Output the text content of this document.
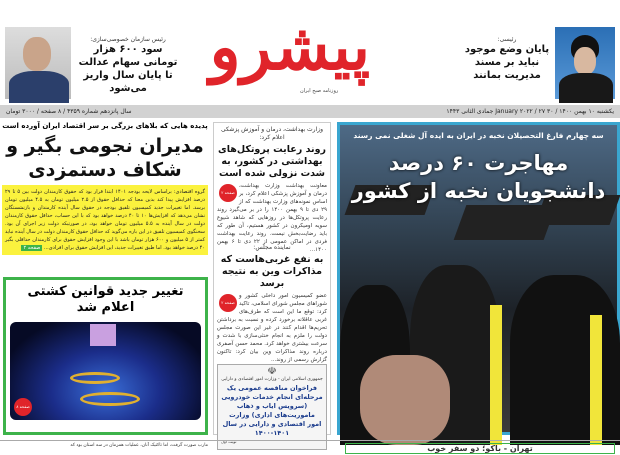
رئیسی:
پایان وضع موجود نباید بر مسند مدیریت بمانند
پیشرو
روزنامه صبح ایران
رئیس سازمان خصوصی‌سازی:
سود ۶۰۰ هزار تومانی سهام عدالت تا پایان سال واریز می‌شود
یکشنبه ۱۰ بهمن ۱۴۰۰ / ۳۰ January ۲۰۲۲ / ۲۷ جمادی الثانی ۱۴۴۳
سال پانزدهم شماره ۴۳۵۹ / ۸ صفحه / ۳۰۰۰ تومان
سه چهارم فارغ التحصیلان نخبه در ایران به ایده آل شغلی نمی رسند
مهاجرت ۶۰ درصد دانشجویان نخبه از کشور
وزارت بهداشت، درمان و آموزش پزشکی اعلام کرد:
روند رعایت پروتکل‌های بهداشتی در کشور، به شدت نزولی شده است
صفحه ۲

معاونت بهداشت وزارت بهداشت، درمان و آموزش پزشکی اعلام کرد، بر اساس نمونه‌های وزارت بهداشت که از ۲۹ دی تا ۹ بهمن ۱۴۰۰ را در بر می‌گیرد روند رعایت پروتکل‌ها در روزهایی که شاهد شیوع سویه اومیکرون در کشور هستیم، آن طور که باید رضایت‌بخش نیست. روند رعایت بهداشت فردی در اماکن عمومی از ۲۲ دی تا ۶ بهمن ۱۴۰۰...

نماینده مجلس:
به نفع غربی‌هاست که مذاکرات وین به نتیجه برسد
صفحه ۲

عضو کمیسیون امور داخلی کشور و شوراهای مجلس شورای اسلامی، تاکید کرد: توقع ما این است که طرف‌های غربی عاقلانه برخورد کرده و نسبت به برداشتن تحریم‌ها اقدام کنند در غیر این صورت مجلس دولت را ملزم به انجام خنثی‌سازی با شدت و سرعت بیشتری خواهد کرد. محمد حسن آصفری درباره روند مذاکرات وین بیان کرد: تاکنون گزارش رسمی از روند...

☫
جمهوری اسلامی ایران - وزارت امور اقتصادی و دارایی
فراخوان مناقصه عمومی یک مرحله‌ای انجام خدمات خودرویی (سرویس ایاب و ذهاب ماموریت‌های اداری) وزارت امور اقتصادی و دارایی در سال ۱۴۰۱-۱۴۰۰
نوبت اول
پدیده هایی که بلاهای بزرگی بر سر اقتصاد ایران آورده است
مدیران نجومی بگیر و شکاف دستمزدی
گروه اقتصادی: براساس لایحه بودجه ۱۴۰۱ ابتدا قرار بود که حقوق کارمندان دولت بین ۵ تا ۲۹ درصد افزایش پیدا کند بدین معنا که حداقل حقوق از ۲.۵ میلیون تومان به ۴.۵ میلیون تومان برسد. اما تغییرات جدید کمیسیون تلفیق بودجه در حقوق سال آینده کارمندان و بازنشستگان نشان می‌دهد که افزایش‌ها ۱۰ تا ۴۰ درصد خواهد بود که با این حساب، حداقل حقوق کارمندان دولت در سال آینده به ۵.۵ میلیون تومان خواهد بود، در صورتیکه دولت زیر اجرای آن بود. سخنگوی کمیسیون تلفیق در این باره می‌گوید که حداقل حقوق کارمندان دولت در سال آینده نباید کمتر از ۵ میلیون و ۶۰۰ هزار تومان باشد با این وجود افزایش حقوق برای کارمندان حداقلی بگیر ۴۰ درصد خواهد بود. اما طبق تغییرات جدید، این افزایش حقوق برای افرادی... صفحه ۲
تغییر جدید قوانین کشتی اعلام شد
صفحه ۸
تهران - باکو؛ دو سفر خوب
مارب صورت گرفت، اما تاکتیک آنان، عملیات همزمان در سه استان بود که
